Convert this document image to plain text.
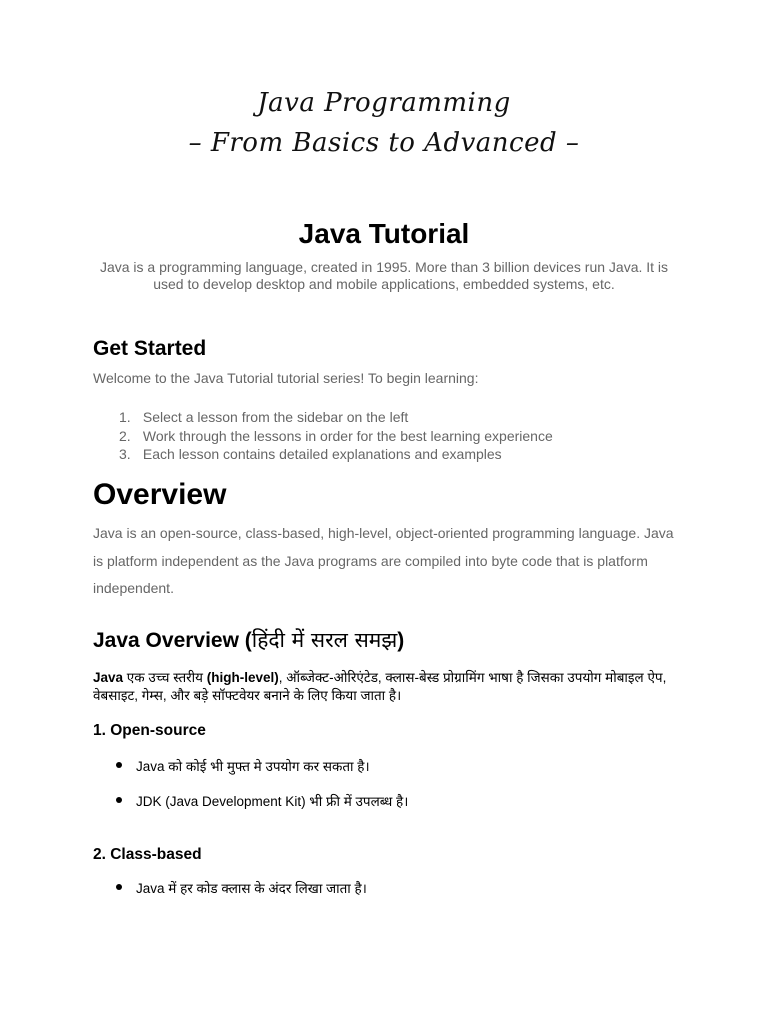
Java Programming
– From Basics to Advanced –
Java Tutorial
Java is a programming language, created in 1995. More than 3 billion devices run Java. It is used to develop desktop and mobile applications, embedded systems, etc.
Get Started
Welcome to the Java Tutorial tutorial series! To begin learning:
1. Select a lesson from the sidebar on the left
2. Work through the lessons in order for the best learning experience
3. Each lesson contains detailed explanations and examples
Overview
Java is an open-source, class-based, high-level, object-oriented programming language. Java is platform independent as the Java programs are compiled into byte code that is platform independent.
Java Overview (हिंदी में सरल समझ)
Java एक उच्च स्तरीय (high-level), ऑब्जेक्ट-ओरिएंटेड, क्लास-बेस्ड प्रोग्रामिंग भाषा है जिसका उपयोग मोबाइल ऐप, वेबसाइट, गेम्स, और बड़े सॉफ्टवेयर बनाने के लिए किया जाता है।
1. Open-source
Java को कोई भी मुफ्त मे उपयोग कर सकता है।
JDK (Java Development Kit) भी फ्री में उपलब्ध है।
2. Class-based
Java में हर कोड क्लास के अंदर लिखा जाता है।
